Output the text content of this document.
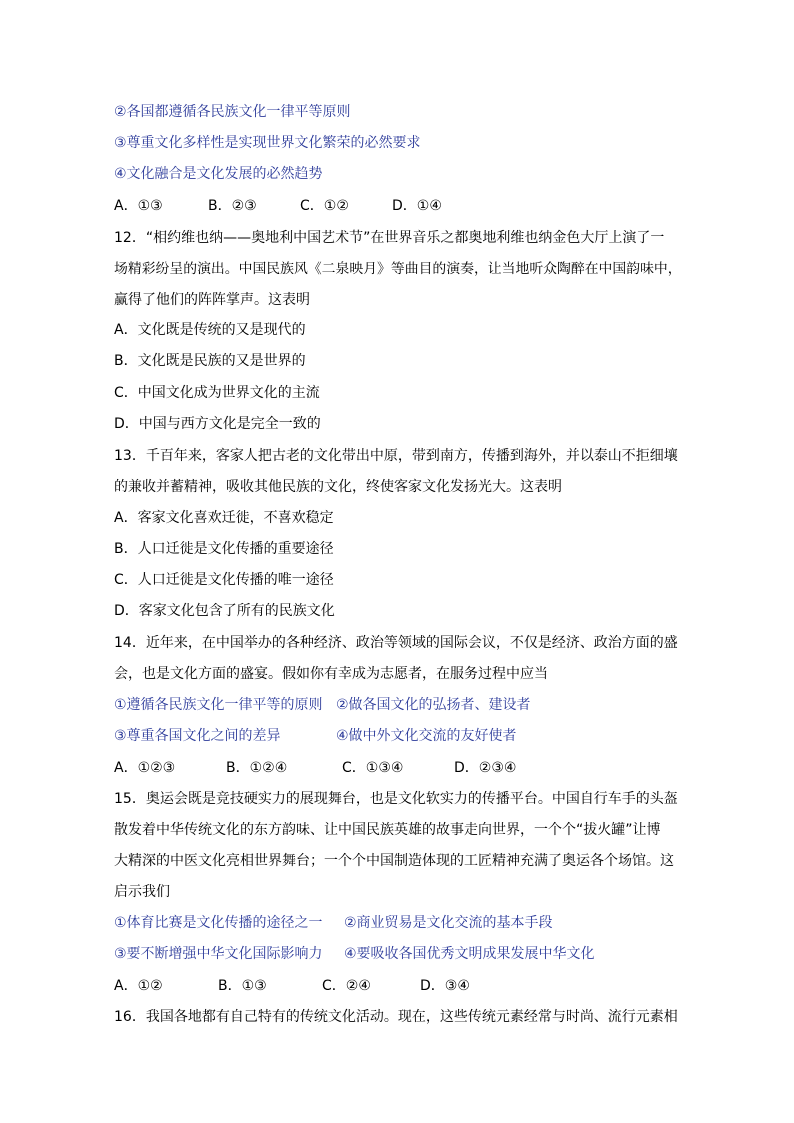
②各国都遵循各民族文化一律平等原则
③尊重文化多样性是实现世界文化繁荣的必然要求
④文化融合是文化发展的必然趋势
A．①③	B．②③	C．①②	D．①④
12．“相约维也纳——奥地利中国艺术节”在世界音乐之都奥地利维也纳金色大厅上演了一
场精彩纷呈的演出。中国民族风《二泉映月》等曲目的演奏，让当地听众陶醉在中国韵味中，
赢得了他们的阵阵掌声。这表明
A．文化既是传统的又是现代的
B．文化既是民族的又是世界的
C．中国文化成为世界文化的主流
D．中国与西方文化是完全一致的
13．千百年来，客家人把古老的文化带出中原，带到南方，传播到海外，并以泰山不拒细壤
的兼收并蓄精神，吸收其他民族的文化，终使客家文化发扬光大。这表明
A．客家文化喜欢迁徙，不喜欢稳定
B．人口迁徙是文化传播的重要途径
C．人口迁徙是文化传播的唯一途径
D．客家文化包含了所有的民族文化
14．近年来，在中国举办的各种经济、政治等领域的国际会议，不仅是经济、政治方面的盛
会，也是文化方面的盛宴。假如你有幸成为志愿者，在服务过程中应当
①遵循各民族文化一律平等的原则 ②做各国文化的弘扬者、建设者
③尊重各国文化之间的差异	④做中外文化交流的友好使者
A．①②③	B．①②④	C．①③④	D．②③④
15．奥运会既是竞技硬实力的展现舞台，也是文化软实力的传播平台。中国自行车手的头盔
散发着中华传统文化的东方韵味、让中国民族英雄的故事走向世界，一个个“拔火罐”让博
大精深的中医文化亮相世界舞台；一个个中国制造体现的工匠精神充满了奥运各个场馆。这
启示我们
①体育比赛是文化传播的途径之一 ②商业贸易是文化交流的基本手段
③要不断增强中华文化国际影响力 ④要吸收各国优秀文明成果发展中华文化
A．①②	B．①③	C．②④	D．③④
16．我国各地都有自己特有的传统文化活动。现在，这些传统元素经常与时尚、流行元素相
